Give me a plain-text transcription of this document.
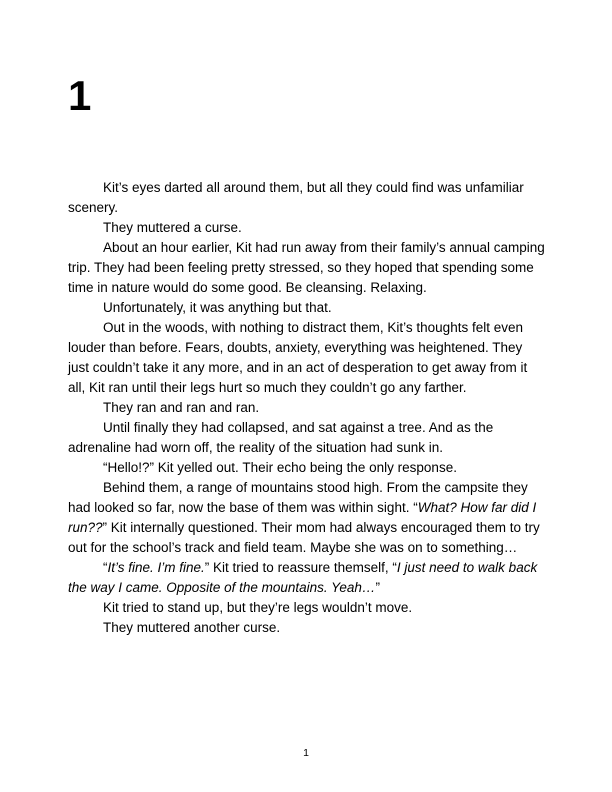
1

Kit’s eyes darted all around them, but all they could find was unfamiliar scenery.

They muttered a curse.

About an hour earlier, Kit had run away from their family’s annual camping trip. They had been feeling pretty stressed, so they hoped that spending some time in nature would do some good. Be cleansing. Relaxing.

Unfortunately, it was anything but that.

Out in the woods, with nothing to distract them, Kit’s thoughts felt even louder than before. Fears, doubts, anxiety, everything was heightened. They just couldn’t take it any more, and in an act of desperation to get away from it all, Kit ran until their legs hurt so much they couldn’t go any farther.

They ran and ran and ran.

Until finally they had collapsed, and sat against a tree. And as the adrenaline had worn off, the reality of the situation had sunk in.

“Hello!?” Kit yelled out. Their echo being the only response.

Behind them, a range of mountains stood high. From the campsite they had looked so far, now the base of them was within sight. “What? How far did I run??” Kit internally questioned. Their mom had always encouraged them to try out for the school’s track and field team. Maybe she was on to something…

“It’s fine. I’m fine.” Kit tried to reassure themself, “I just need to walk back the way I came. Opposite of the mountains. Yeah…”

Kit tried to stand up, but they’re legs wouldn’t move.

They muttered another curse.

1
